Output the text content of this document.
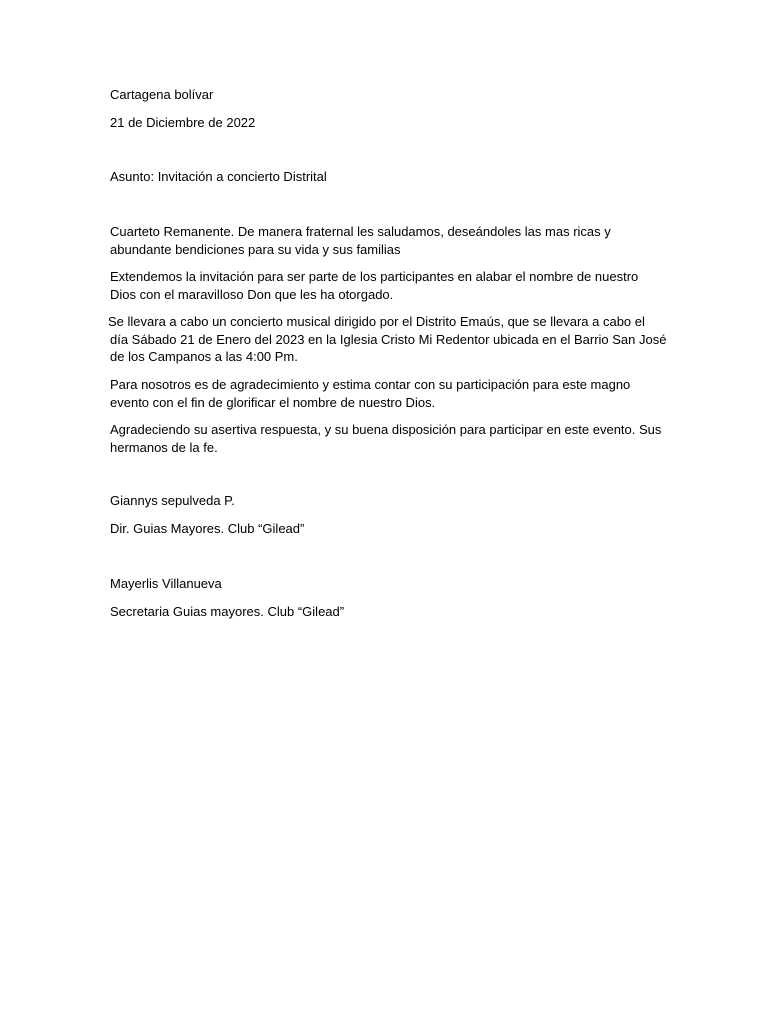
Cartagena bolívar

21 de Diciembre de 2022

Asunto: Invitación a concierto Distrital

Cuarteto Remanente. De manera fraternal les saludamos, deseándoles las mas ricas y
abundante bendiciones para su vida y sus familias
Extendemos la invitación para ser parte de los participantes en alabar el nombre de nuestro
Dios con el maravilloso Don que les ha otorgado.
Se llevara a cabo un concierto musical dirigido por el Distrito Emaús, que se llevara a cabo el
día Sábado 21 de Enero del 2023 en la Iglesia Cristo Mi Redentor ubicada en el Barrio San José
de los Campanos a las 4:00 Pm.
Para nosotros es de agradecimiento y estima contar con su participación para este magno
evento con el fin de glorificar el nombre de nuestro Dios.
Agradeciendo su asertiva respuesta, y su buena disposición para participar en este evento. Sus
hermanos de la fe.

Giannys sepulveda P.

Dir. Guias Mayores. Club “Gilead”

Mayerlis Villanueva

Secretaria Guias mayores. Club “Gilead”
